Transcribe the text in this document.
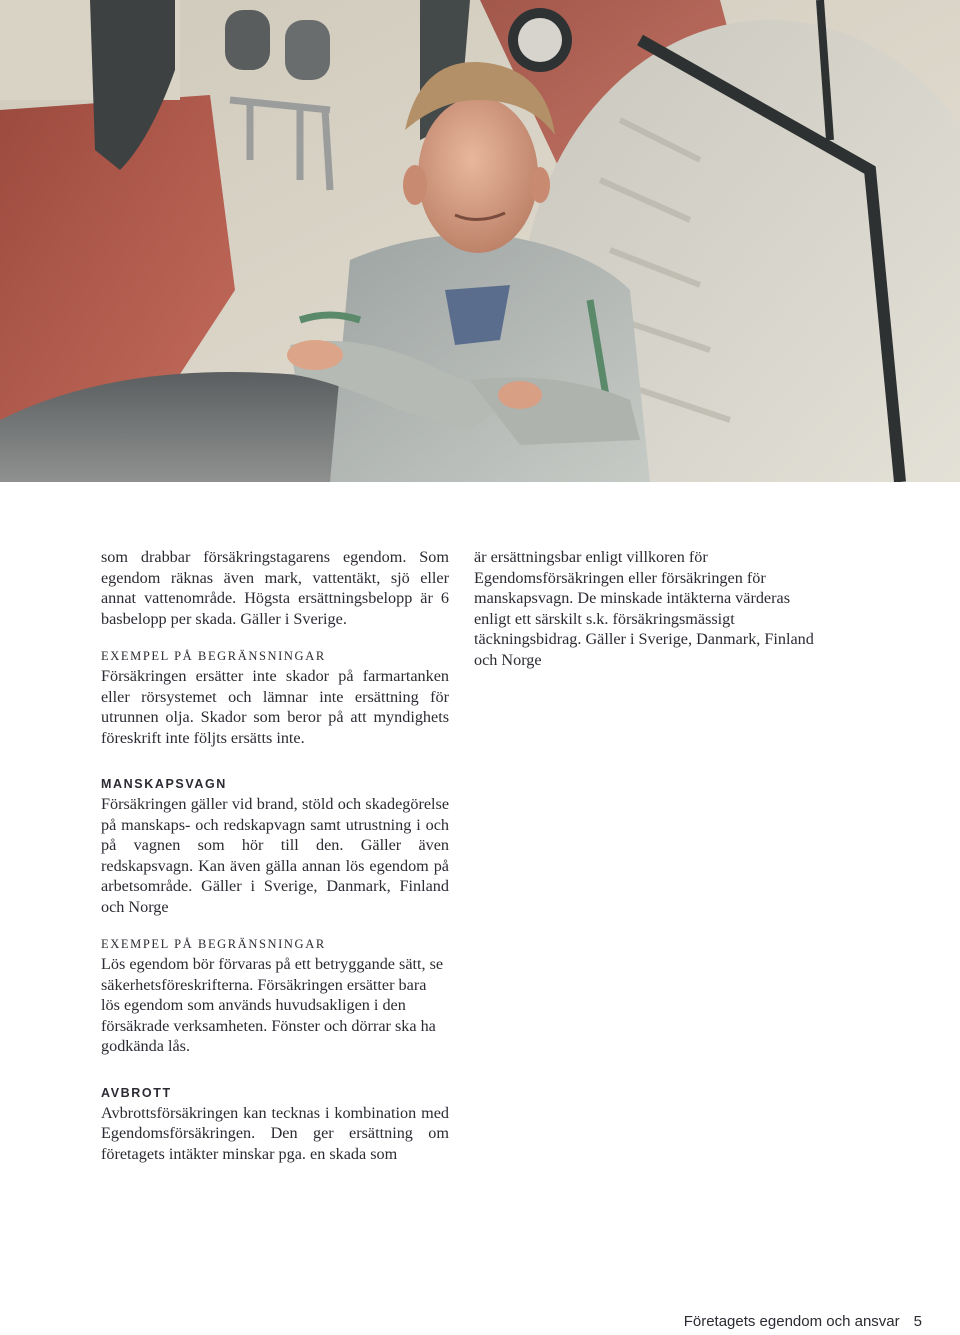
som drabbar försäkringstagarens egendom. Som egendom räknas även mark, vattentäkt, sjö eller annat vattenområde. Högsta ersättningsbelopp är 6 basbelopp per skada. Gäller i Sverige.

EXEMPEL PÅ BEGRÄNSNINGAR

Försäkringen ersätter inte skador på farmartanken eller rörsystemet och lämnar inte ersättning för utrunnen olja. Skador som beror på att myndighets föreskrift inte följts ersätts inte.

MANSKAPSVAGN

Försäkringen gäller vid brand, stöld och skadegörelse på manskaps- och redskapvagn samt utrustning i och på vagnen som hör till den. Gäller även redskapsvagn. Kan även gälla annan lös egendom på arbetsområde. Gäller i Sverige, Danmark, Finland och Norge

EXEMPEL PÅ BEGRÄNSNINGAR

Lös egendom bör förvaras på ett betryggande sätt, se säkerhetsföreskrifterna. Försäkringen ersätter bara lös egendom som används huvudsakligen i den försäkrade verksamheten. Fönster och dörrar ska ha godkända lås.

AVBROTT

Avbrottsförsäkringen kan tecknas i kombination med Egendomsförsäkringen. Den ger ersättning om företagets intäkter minskar pga. en skada som

är ersättningsbar enligt villkoren för Egendomsförsäkringen eller försäkringen för manskapsvagn. De minskade intäkterna värderas enligt ett särskilt s.k. försäkringsmässigt täckningsbidrag. Gäller i Sverige, Danmark, Finland och Norge

Företagets egendom och ansvar 5
